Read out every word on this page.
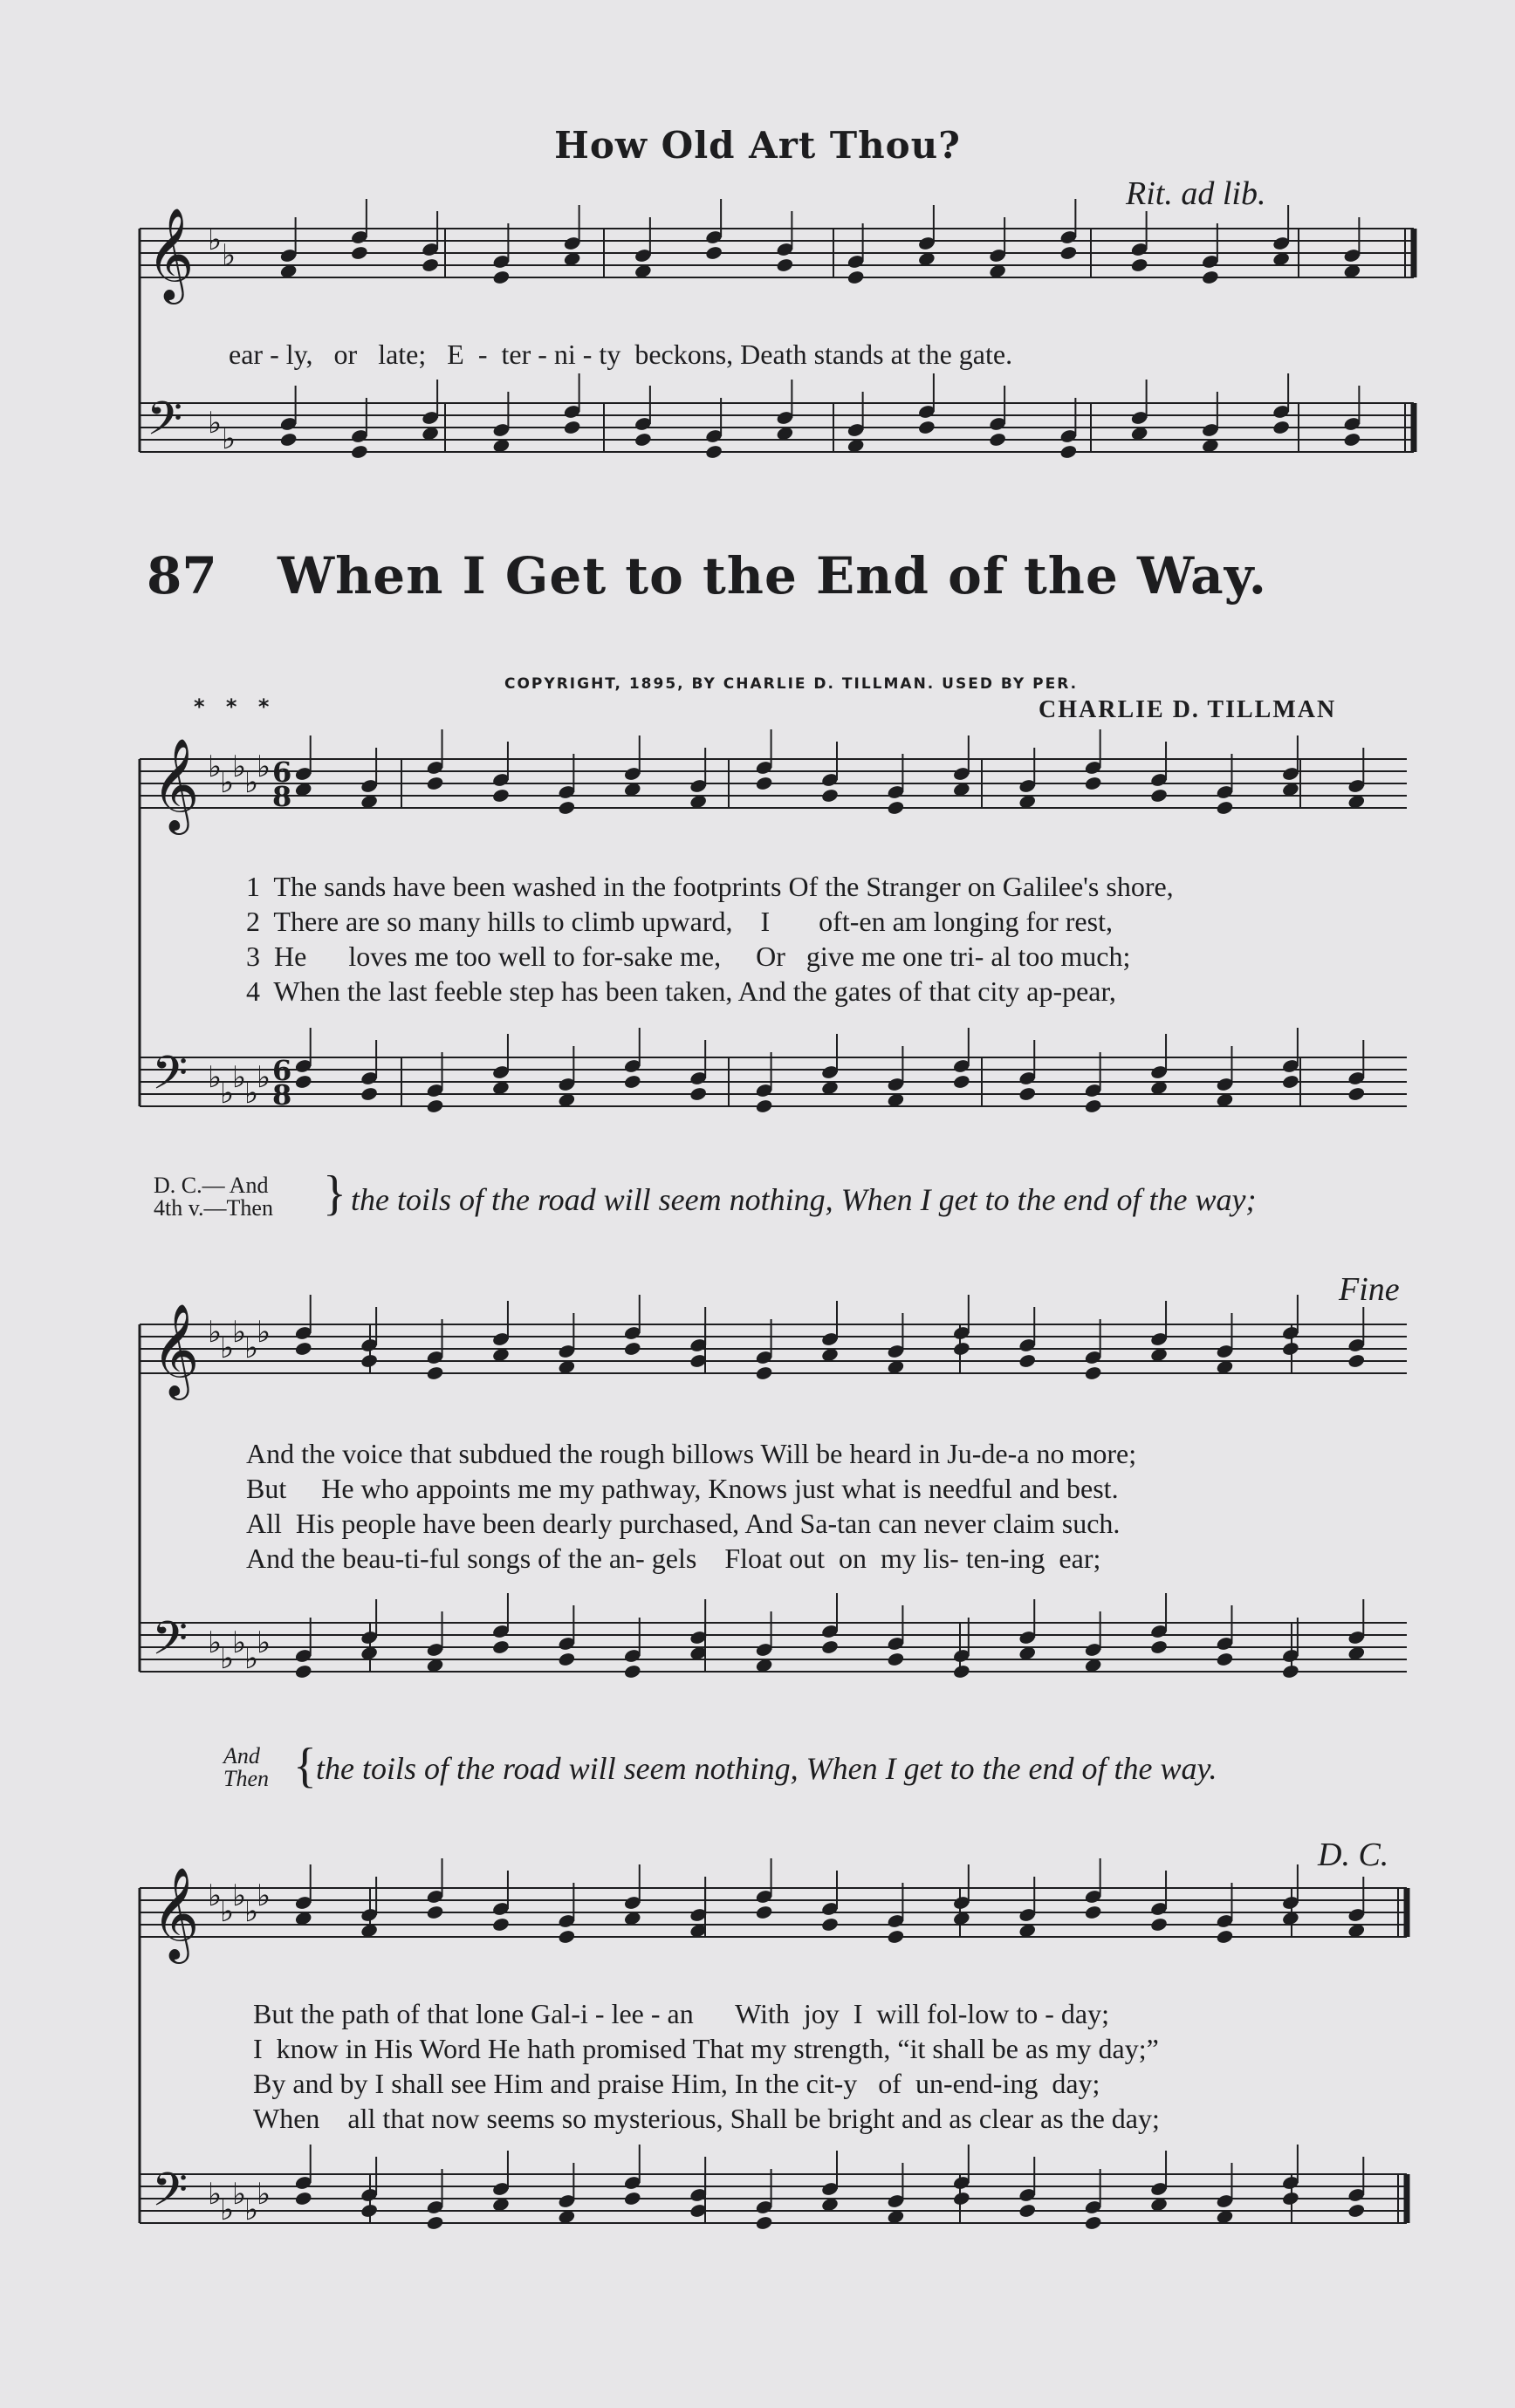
How Old Art Thou?
Rit. ad lib.
𝄞
𝄢
♭
♭
♭
♭
𝄞
𝄢
♭
♭
♭
♭
♭
♭
♭
♭
♭
♭
6
8
6
8
𝄞
𝄢
♭
♭
♭
♭
♭
♭
♭
♭
♭
♭
𝄞
𝄢
♭
♭
♭
♭
♭
♭
♭
♭
♭
♭
ear - ly,   or   late;   E  -  ter - ni - ty  beckons, Death stands at the gate.
87 When I Get to the End of the Way.
COPYRIGHT, 1895, BY CHARLIE D. TILLMAN. USED BY PER.
* * *	CHARLIE D. TILLMAN
1  The sands have been washed in the footprints Of the Stranger on Galilee's shore,
2  There are so many hills to climb upward,    I       oft-en am longing for rest,
3  He      loves me too well to for-sake me,     Or   give me one tri- al too much;
4  When the last feeble step has been taken, And the gates of that city ap-pear,
D. C.— And
4th v.—Then } the toils of the road will seem nothing, When I get to the end of the way;
Fine
And the voice that subdued the rough billows Will be heard in Ju-de-a no more;
But     He who appoints me my pathway, Knows just what is needful and best.
All  His people have been dearly purchased, And Sa-tan can never claim such.
And the beau-ti-ful songs of the an- gels    Float out  on  my lis- ten-ing  ear;
And
Then { the toils of the road will seem nothing, When I get to the end of the way.
D. C.
But the path of that lone Gal-i - lee - an      With  joy  I  will fol-low to - day;
I  know in His Word He hath promised That my strength, “it shall be as my day;”
By and by I shall see Him and praise Him, In the cit-y   of  un-end-ing  day;
When    all that now seems so mysterious, Shall be bright and as clear as the day;
